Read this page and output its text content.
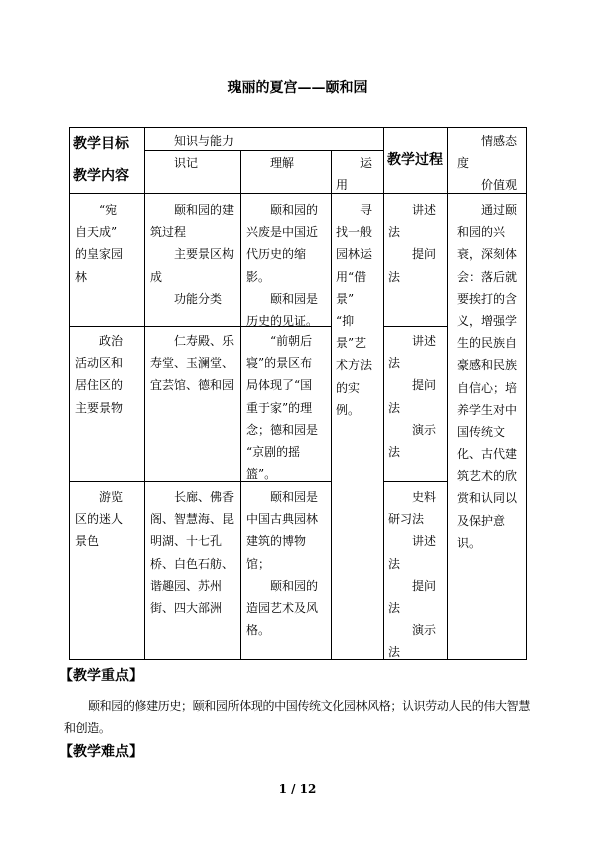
瑰丽的夏宫——颐和园
教学目标
教学内容
知识与能力
识记	理解	运
用
教学过程
情感态
度
价值观
“宛
自天成”
的皇家园
林
颐和园的建
筑过程
主要景区构
成
功能分类
颐和园的
兴废是中国近
代历史的缩
影。
颐和园是
历史的见证。
寻
找一般
园林运
用“借
景”
“抑
景”艺
术方法
的实
例。
讲述
法
提问
法
通过颐
和园的兴
衰，深刻体
会：落后就
要挨打的含
义，增强学
生的民族自
豪感和民族
自信心；培
养学生对中
国传统文
化、古代建
筑艺术的欣
赏和认同以
及保护意
识。
政治
活动区和
居住区的
主要景物
仁寿殿、乐
寿堂、玉澜堂、
宜芸馆、德和园
“前朝后
寝”的景区布
局体现了“国
重于家”的理
念；德和园是
“京剧的摇
篮”。
讲述
法
提问
法
演示
法
游览
区的迷人
景色
长廊、佛香
阁、智慧海、昆
明湖、十七孔
桥、白色石舫、
谐趣园、苏州
街、四大部洲
颐和园是
中国古典园林
建筑的博物
馆；
颐和园的
造园艺术及风
格。
史料
研习法
讲述
法
提问
法
演示
法
【教学重点】
颐和园的修建历史；颐和园所体现的中国传统文化园林风格；认识劳动人民的伟大智慧
和创造。
【教学难点】
1 / 12
